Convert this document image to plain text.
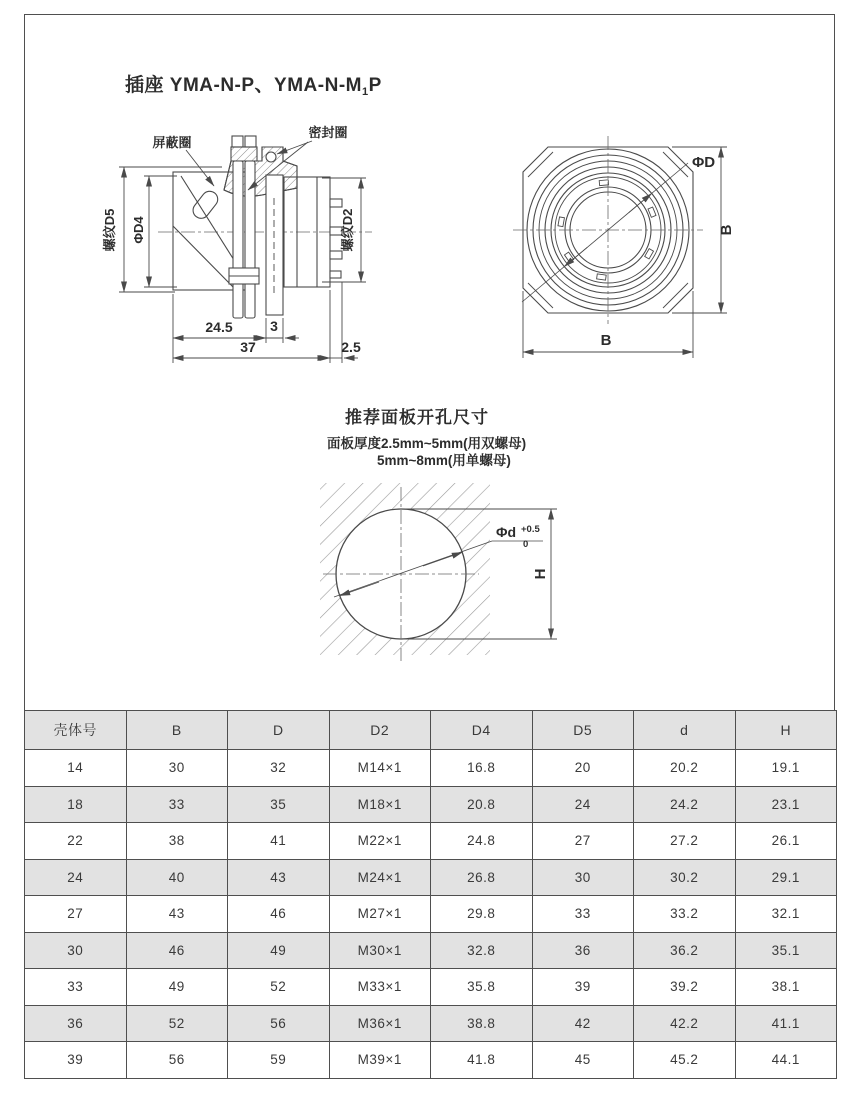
插座 YMA-N-P、YMA-$N-M_1P$
推荐面板开孔尺寸
面板厚度2.5mm~5mm(用双螺母)
5mm~8mm(用单螺母)
屏蔽圈
密封圈
螺纹D5 ΦD4	螺纹D2
24.5	3
37	2.5
ΦD
B
B
Φd +0.5
0
H
壳体号	B	D	D2	D4	D5	d	H
14	30	32	M14×1	16.8	20	20.2	19.1
18	33	35	M18×1	20.8	24	24.2	23.1
22	38	41	M22×1	24.8	27	27.2	26.1
24	40	43	M24×1	26.8	30	30.2	29.1
27	43	46	M27×1	29.8	33	33.2	32.1
30	46	49	M30×1	32.8	36	36.2	35.1
33	49	52	M33×1	35.8	39	39.2	38.1
36	52	56	M36×1	38.8	42	42.2	41.1
39	56	59	M39×1	41.8	45	45.2	44.1
